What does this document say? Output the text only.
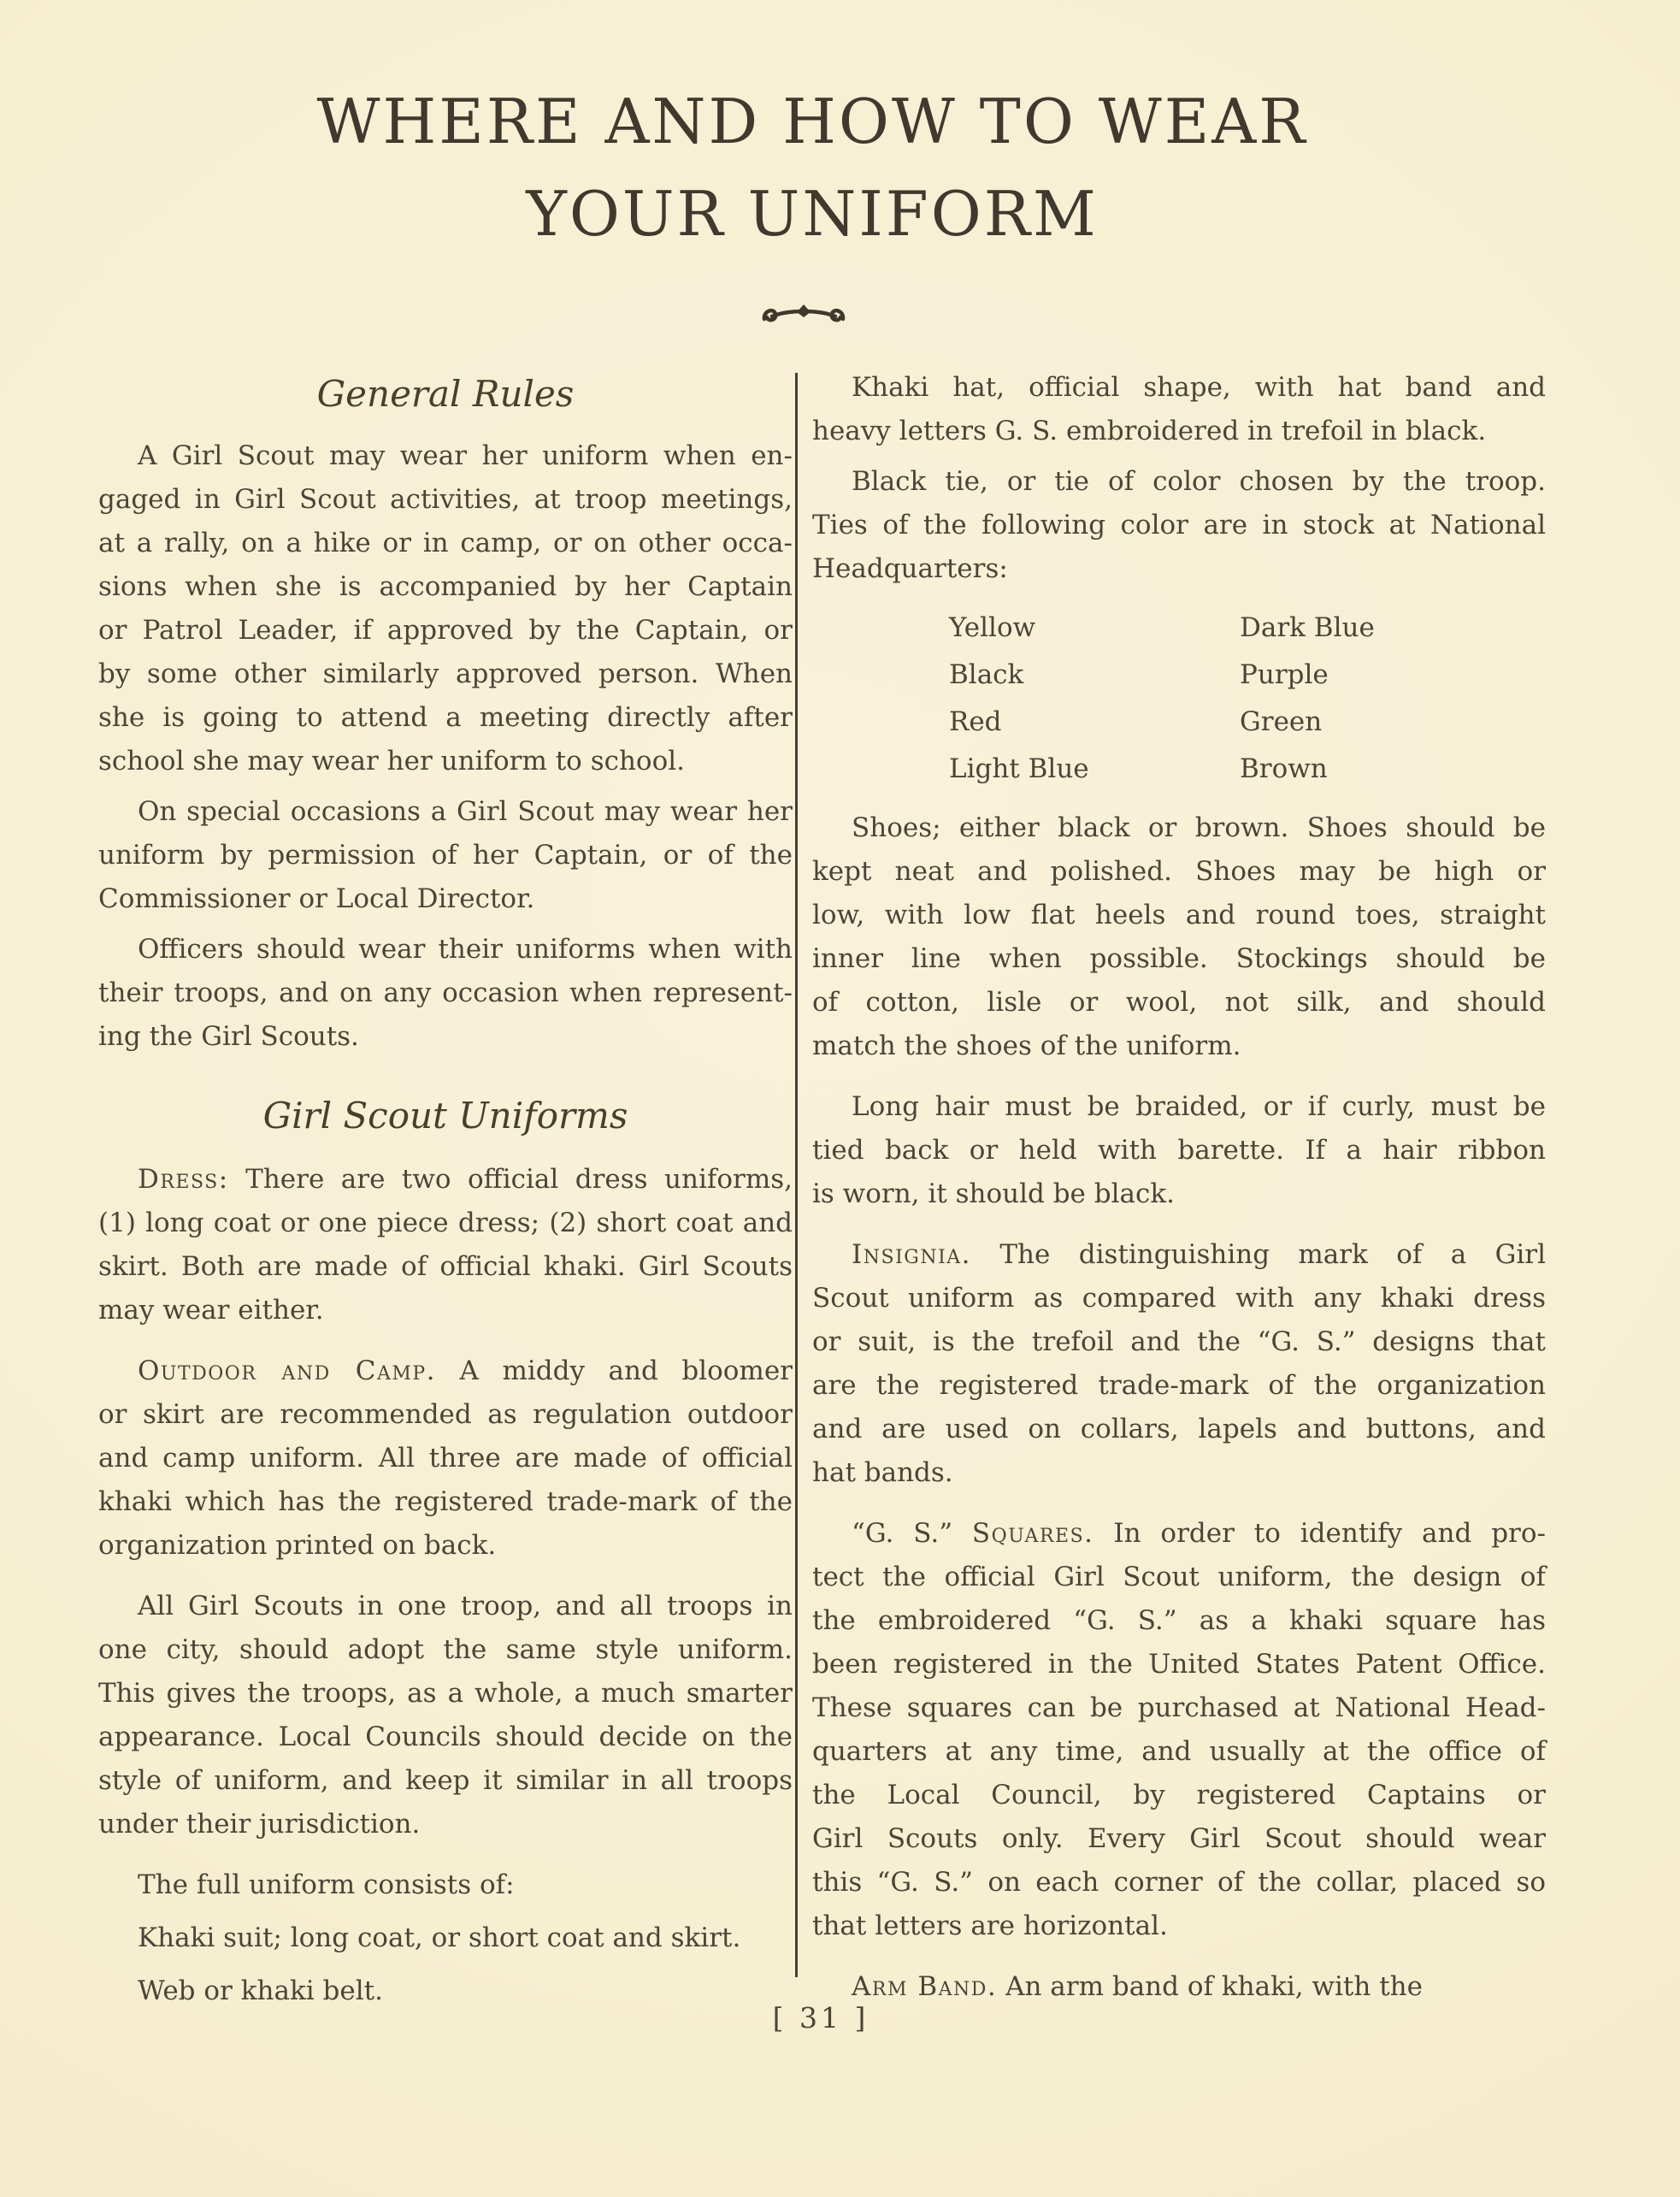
WHERE AND HOW TO WEAR
YOUR UNIFORM
General Rules
A Girl Scout may wear her uniform when en-
gaged in Girl Scout activities, at troop meetings,
at a rally, on a hike or in camp, or on other occa-
sions when she is accompanied by her Captain
or Patrol Leader, if approved by the Captain, or
by some other similarly approved person. When
she is going to attend a meeting directly after
school she may wear her uniform to school.
On special occasions a Girl Scout may wear her
uniform by permission of her Captain, or of the
Commissioner or Local Director.
Officers should wear their uniforms when with
their troops, and on any occasion when represent-
ing the Girl Scouts.
Girl Scout Uniforms
Dress: There are two official dress uniforms,
(1) long coat or one piece dress; (2) short coat and
skirt. Both are made of official khaki. Girl Scouts
may wear either.
Outdoor and Camp. A middy and bloomer
or skirt are recommended as regulation outdoor
and camp uniform. All three are made of official
khaki which has the registered trade-mark of the
organization printed on back.
All Girl Scouts in one troop, and all troops in
one city, should adopt the same style uniform.
This gives the troops, as a whole, a much smarter
appearance. Local Councils should decide on the
style of uniform, and keep it similar in all troops
under their jurisdiction.
The full uniform consists of:
Khaki suit; long coat, or short coat and skirt.
Web or khaki belt.
Khaki hat, official shape, with hat band and
heavy letters G. S. embroidered in trefoil in black.
Black tie, or tie of color chosen by the troop.
Ties of the following color are in stock at National
Headquarters:
Yellow
Black
Red
Light Blue
Dark Blue
Purple
Green
Brown
Shoes; either black or brown. Shoes should be
kept neat and polished. Shoes may be high or
low, with low flat heels and round toes, straight
inner line when possible. Stockings should be
of cotton, lisle or wool, not silk, and should
match the shoes of the uniform.
Long hair must be braided, or if curly, must be
tied back or held with barette. If a hair ribbon
is worn, it should be black.
Insignia. The distinguishing mark of a Girl
Scout uniform as compared with any khaki dress
or suit, is the trefoil and the “G. S.” designs that
are the registered trade-mark of the organization
and are used on collars, lapels and buttons, and
hat bands.
“G. S.” Squares. In order to identify and pro-
tect the official Girl Scout uniform, the design of
the embroidered “G. S.” as a khaki square has
been registered in the United States Patent Office.
These squares can be purchased at National Head-
quarters at any time, and usually at the office of
the Local Council, by registered Captains or
Girl Scouts only. Every Girl Scout should wear
this “G. S.” on each corner of the collar, placed so
that letters are horizontal.
Arm Band. An arm band of khaki, with the
[ 31 ]
